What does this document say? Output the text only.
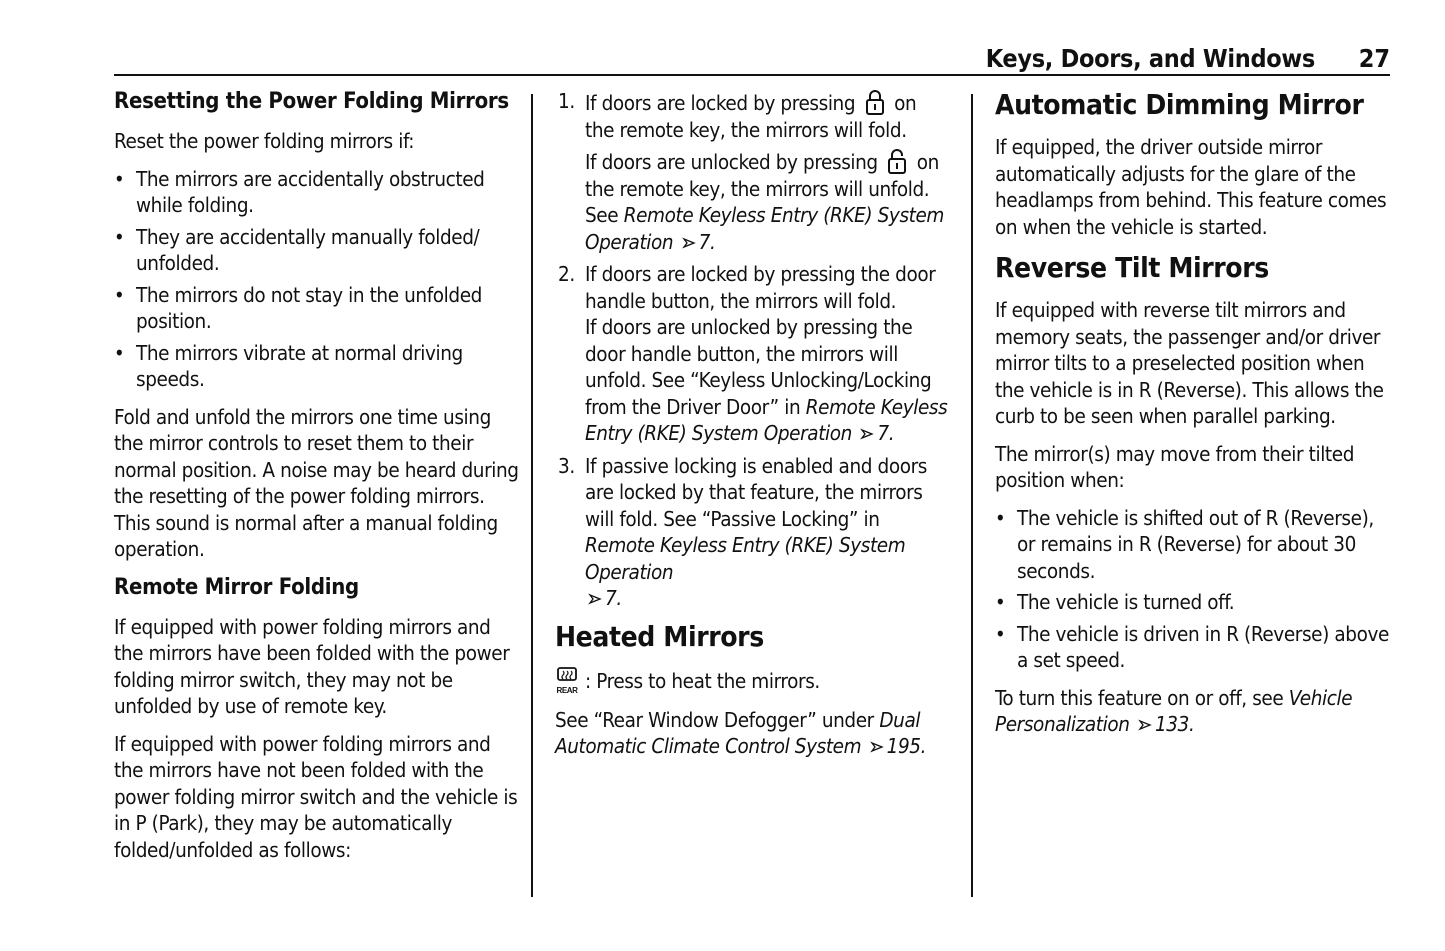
Keys, Doors, and Windows 27
Resetting the Power Folding Mirrors

Reset the power folding mirrors if:

• The mirrors are accidentally obstructed while folding.
• They are accidentally manually folded/ unfolded.
• The mirrors do not stay in the unfolded position.
• The mirrors vibrate at normal driving speeds.

Fold and unfold the mirrors one time using the mirror controls to reset them to their normal position. A noise may be heard during the resetting of the power folding mirrors. This sound is normal after a manual folding operation.

Remote Mirror Folding

If equipped with power folding mirrors and the mirrors have been folded with the power folding mirror switch, they may not be unfolded by use of remote key.

If equipped with power folding mirrors and the mirrors have not been folded with the power folding mirror switch and the vehicle is in P (Park), they may be automatically folded/unfolded as follows:

1. If doors are locked by pressing on the remote key, the mirrors will fold.
If doors are unlocked by pressing on the remote key, the mirrors will unfold. See Remote Keyless Entry (RKE) System Operation 7.
2. If doors are locked by pressing the door handle button, the mirrors will fold.
If doors are unlocked by pressing the door handle button, the mirrors will unfold. See “Keyless Unlocking/Locking from the Driver Door” in Remote Keyless Entry (RKE) System Operation 7.
3. If passive locking is enabled and doors are locked by that feature, the mirrors will fold. See “Passive Locking” in Remote Keyless Entry (RKE) System Operation
7.
Heated Mirrors

REAR : Press to heat the mirrors.

See “Rear Window Defogger” under Dual Automatic Climate Control System 195.

Automatic Dimming Mirror

If equipped, the driver outside mirror automatically adjusts for the glare of the headlamps from behind. This feature comes on when the vehicle is started.

Reverse Tilt Mirrors

If equipped with reverse tilt mirrors and memory seats, the passenger and/or driver mirror tilts to a preselected position when the vehicle is in R (Reverse). This allows the curb to be seen when parallel parking.

The mirror(s) may move from their tilted position when:

• The vehicle is shifted out of R (Reverse), or remains in R (Reverse) for about 30 seconds.
• The vehicle is turned off.
• The vehicle is driven in R (Reverse) above a set speed.

To turn this feature on or off, see Vehicle Personalization 133.
